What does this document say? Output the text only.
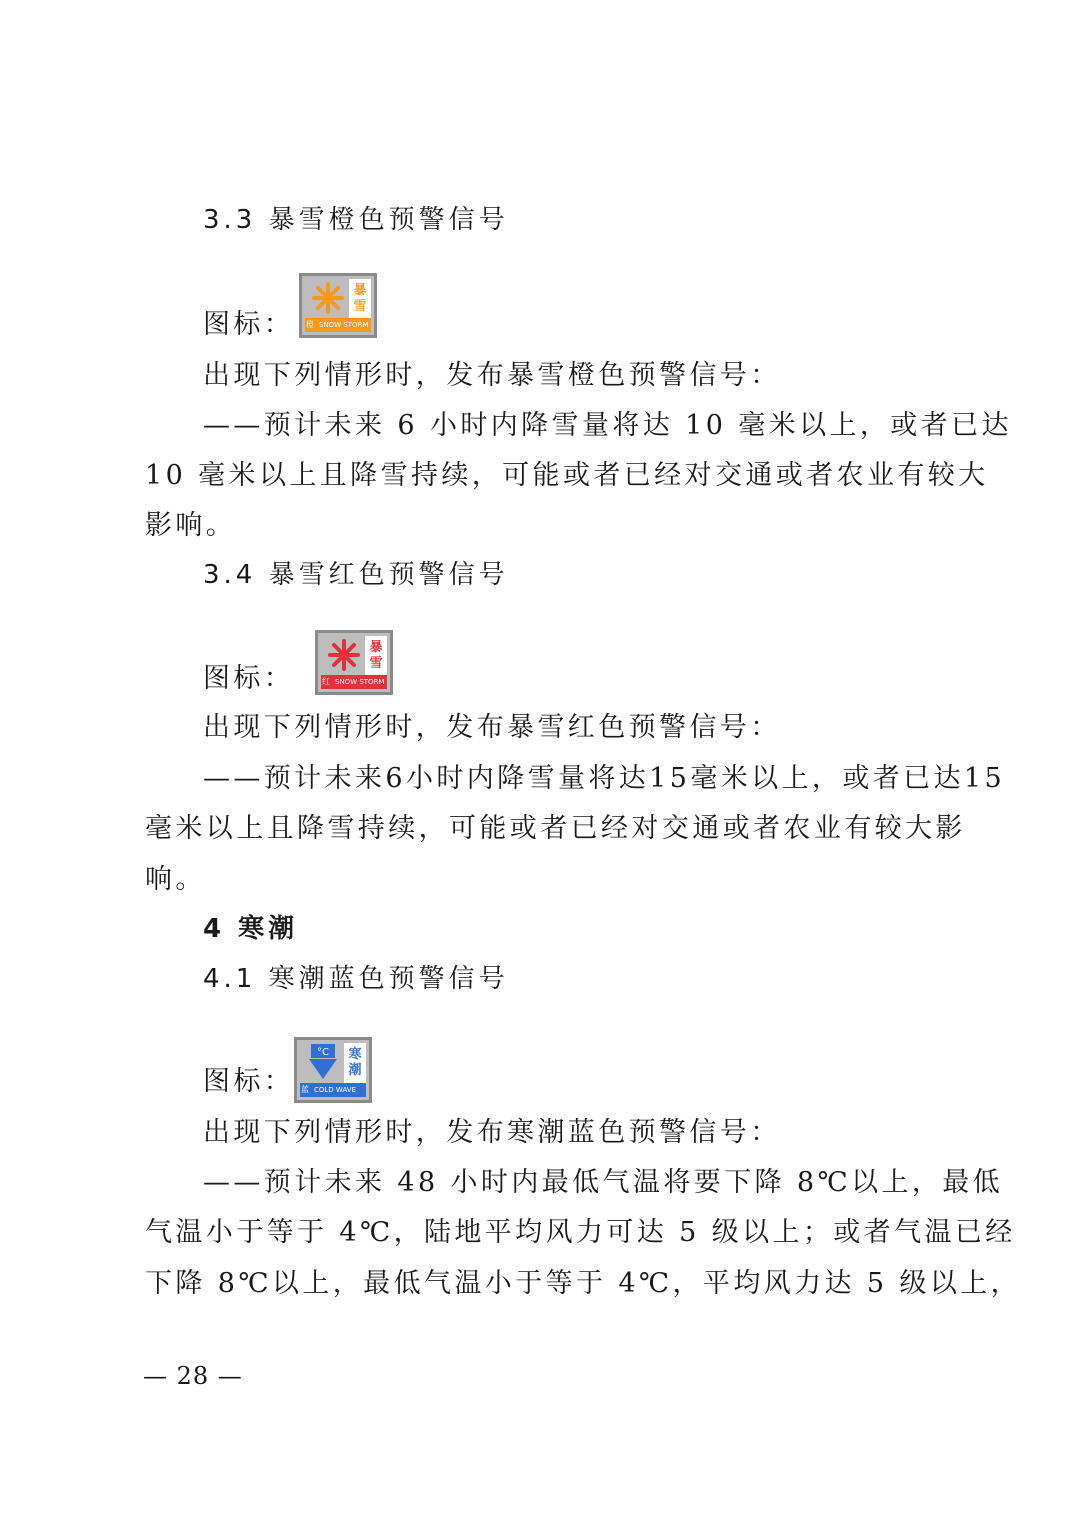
3.3 暴雪橙色预警信号
图标：
暴
雪
橙 SNOW STORM
出现下列情形时，发布暴雪橙色预警信号：
——预计未来 6 小时内降雪量将达 10 毫米以上，或者已达
10 毫米以上且降雪持续，可能或者已经对交通或者农业有较大
影响。
3.4 暴雪红色预警信号
图标：
暴
雪
红 SNOW STORM
出现下列情形时，发布暴雪红色预警信号：
——预计未来6小时内降雪量将达15毫米以上，或者已达15
毫米以上且降雪持续，可能或者已经对交通或者农业有较大影
响。
4 寒潮
4.1 寒潮蓝色预警信号
图标：
°C 寒
潮
蓝 COLD WAVE
出现下列情形时，发布寒潮蓝色预警信号：
——预计未来 48 小时内最低气温将要下降 8℃以上，最低
气温小于等于 4℃，陆地平均风力可达 5 级以上；或者气温已经
下降 8℃以上，最低气温小于等于 4℃，平均风力达 5 级以上，
— 28 —
